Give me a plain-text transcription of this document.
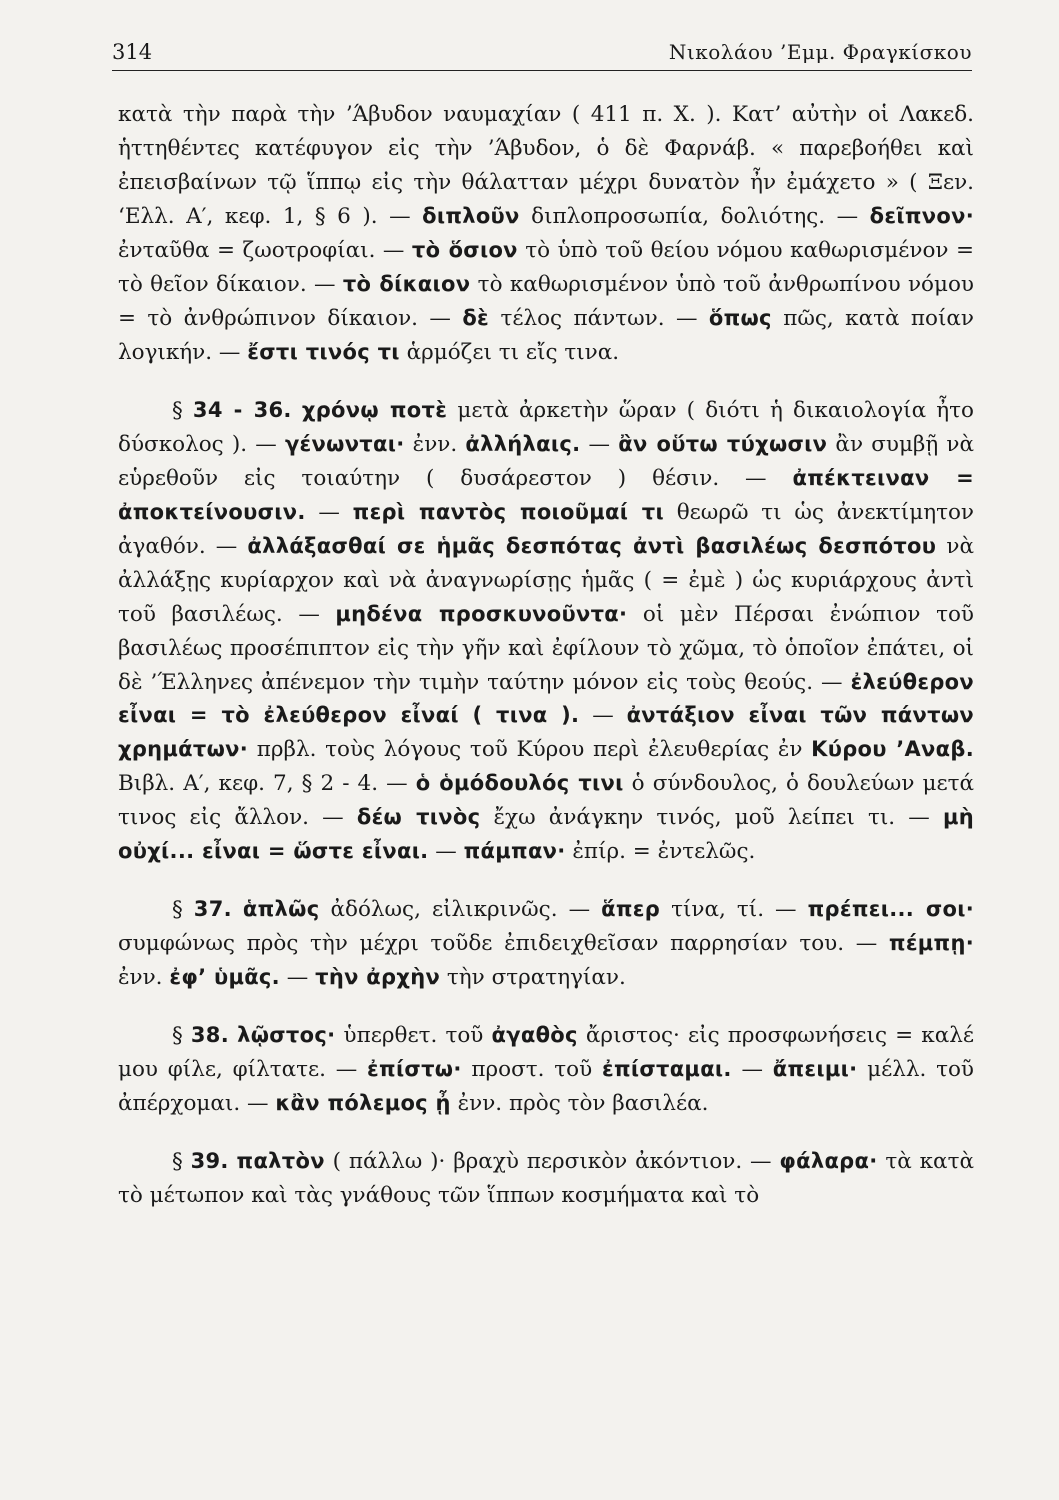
314	Νικολάου ’Εμμ. Φραγκίσκου

κατὰ τὴν παρὰ τὴν ’Άβυδον ναυμαχίαν ( 411 π. Χ. ). Κατ’ αὐτὴν οἱ Λακεδ. ἡττηθέντες κατέφυγον εἰς τὴν ’Άβυδον, ὁ δὲ Φαρνάβ. « παρεβοήθει καὶ ἐπεισβαίνων τῷ ἵππῳ εἰς τὴν θάλατταν μέχρι δυνατὸν ἦν ἐμάχετο » ( Ξεν. ‘Ελλ. Α′, κεφ. 1, § 6 ). — διπλοῦν διπλοπροσωπία, δολιότης. — δεῖπνον· ἐνταῦθα = ζωοτροφίαι. — τὸ ὅσιον τὸ ὑπὸ τοῦ θείου νόμου καθωρισμένον = τὸ θεῖον δίκαιον. — τὸ δίκαιον τὸ καθωρισμένον ὑπὸ τοῦ ἀνθρωπίνου νόμου = τὸ ἀνθρώπινον δίκαιον. — δὲ τέλος πάντων. — ὅπως πῶς, κατὰ ποίαν λογικήν. — ἔστι τινός τι ἁρμόζει τι εἴς τινα.

§ 34 - 36. χρόνῳ ποτὲ μετὰ ἀρκετὴν ὥραν ( διότι ἡ δικαιολογία ἦτο δύσκολος ). — γένωνται· ἐνν. ἀλλήλαις. — ἂν οὕτω τύχωσιν ἂν συμβῇ νὰ εὑρεθοῦν εἰς τοιαύτην ( δυσάρεστον ) θέσιν. — ἀπέκτειναν = ἀποκτείνουσιν. — περὶ παντὸς ποιοῦμαί τι θεωρῶ τι ὡς ἀνεκτίμητον ἀγαθόν. — ἀλλάξασθαί σε ἡμᾶς δεσπότας ἀντὶ βασιλέως δεσπότου νὰ ἀλλάξῃς κυρίαρχον καὶ νὰ ἀναγνωρίσῃς ἡμᾶς ( = ἐμὲ ) ὡς κυριάρχους ἀντὶ τοῦ βασιλέως. — μηδένα προσκυνοῦντα· οἱ μὲν Πέρσαι ἐνώπιον τοῦ βασιλέως προσέπιπτον εἰς τὴν γῆν καὶ ἐφίλουν τὸ χῶμα, τὸ ὁποῖον ἐπάτει, οἱ δὲ ’Έλληνες ἀπένεμον τὴν τιμὴν ταύτην μόνον εἰς τοὺς θεούς. — ἐλεύθερον εἶναι = τὸ ἐλεύθερον εἶναί ( τινα ). — ἀντάξιον εἶναι τῶν πάντων χρημάτων· πρβλ. τοὺς λόγους τοῦ Κύρου περὶ ἐλευθερίας ἐν Κύρου ’Αναβ. Βιβλ. Α′, κεφ. 7, § 2 - 4. — ὁ ὁμόδουλός τινι ὁ σύνδουλος, ὁ δουλεύων μετά τινος εἰς ἄλλον. — δέω τινὸς ἔχω ἀνάγκην τινός, μοῦ λείπει τι. — μὴ οὐχί... εἶναι = ὥστε εἶναι. — πάμπαν· ἐπίρ. = ἐντελῶς.

§ 37. ἁπλῶς ἀδόλως, εἰλικρινῶς. — ἅπερ τίνα, τί. — πρέπει... σοι· συμφώνως πρὸς τὴν μέχρι τοῦδε ἐπιδειχθεῖσαν παρρησίαν του. — πέμπῃ· ἐνν. ἐφ’ ὑμᾶς. — τὴν ἀρχὴν τὴν στρατηγίαν.

§ 38. λῷστος· ὑπερθετ. τοῦ ἀγαθὸς ἄριστος· εἰς προσφωνήσεις = καλέ μου φίλε, φίλτατε. — ἐπίστω· προστ. τοῦ ἐπίσταμαι. — ἄπειμι· μέλλ. τοῦ ἀπέρχομαι. — κἂν πόλεμος ᾖ ἐνν. πρὸς τὸν βασιλέα.

§ 39. παλτὸν ( πάλλω )· βραχὺ περσικὸν ἀκόντιον. — φάλαρα· τὰ κατὰ τὸ μέτωπον καὶ τὰς γνάθους τῶν ἵππων κοσμήματα καὶ τὸ
